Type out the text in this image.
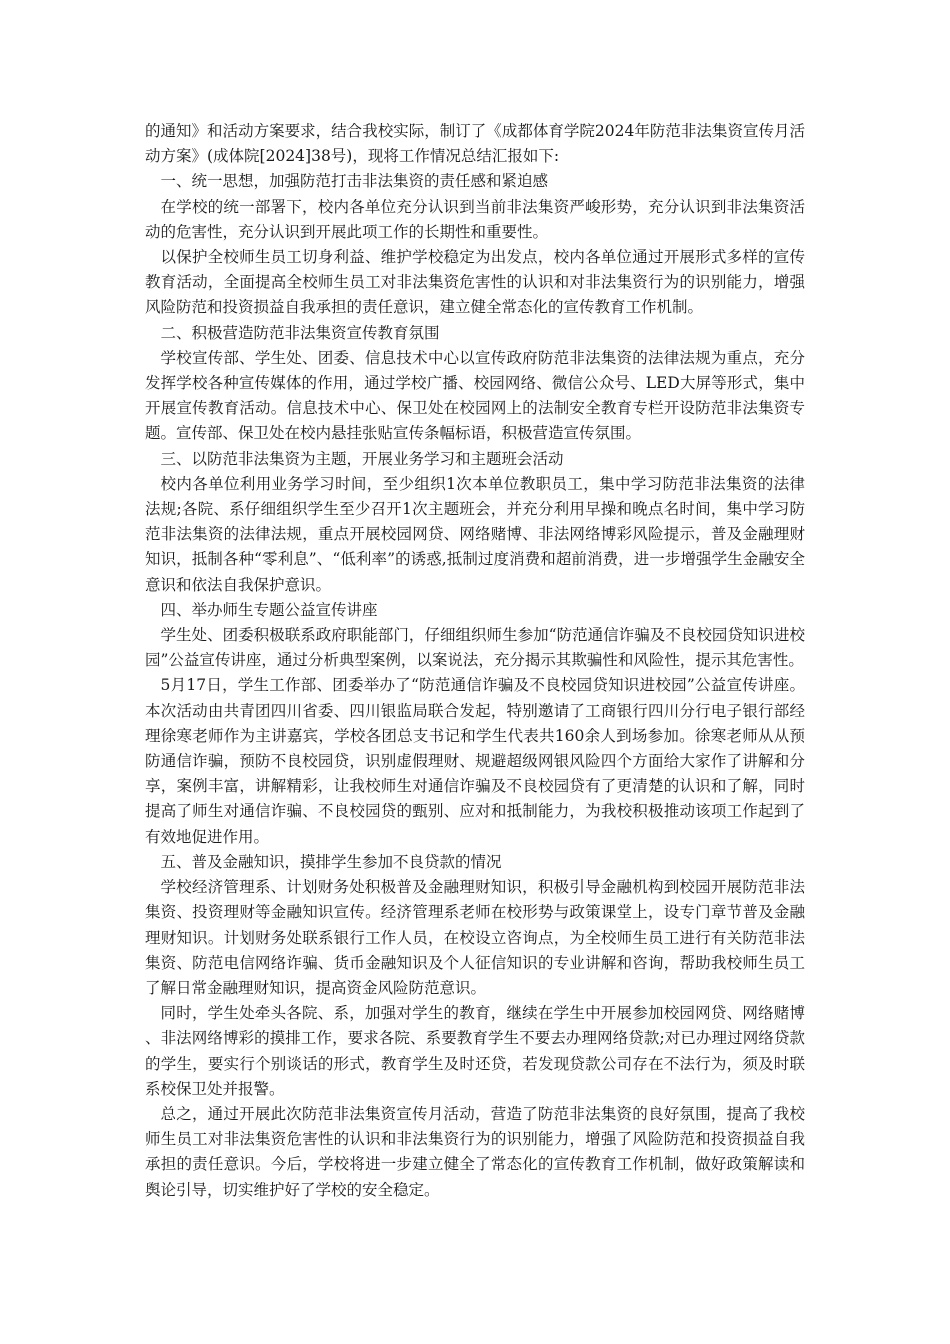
的通知》和活动方案要求，结合我校实际，制订了《成都体育学院2024年防范非法集资宣传月活动方案》(成体院[2024]38号)，现将工作情况总结汇报如下:

一、统一思想，加强防范打击非法集资的责任感和紧迫感

在学校的统一部署下，校内各单位充分认识到当前非法集资严峻形势，充分认识到非法集资活动的危害性，充分认识到开展此项工作的长期性和重要性。

以保护全校师生员工切身利益、维护学校稳定为出发点，校内各单位通过开展形式多样的宣传教育活动，全面提高全校师生员工对非法集资危害性的认识和对非法集资行为的识别能力，增强风险防范和投资损益自我承担的责任意识，建立健全常态化的宣传教育工作机制。

二、积极营造防范非法集资宣传教育氛围

学校宣传部、学生处、团委、信息技术中心以宣传政府防范非法集资的法律法规为重点，充分发挥学校各种宣传媒体的作用，通过学校广播、校园网络、微信公众号、LED大屏等形式，集中开展宣传教育活动。信息技术中心、保卫处在校园网上的法制安全教育专栏开设防范非法集资专题。宣传部、保卫处在校内悬挂张贴宣传条幅标语，积极营造宣传氛围。

三、以防范非法集资为主题，开展业务学习和主题班会活动

校内各单位利用业务学习时间，至少组织1次本单位教职员工，集中学习防范非法集资的法律法规;各院、系仔细组织学生至少召开1次主题班会，并充分利用早操和晚点名时间，集中学习防范非法集资的法律法规，重点开展校园网贷、网络赌博、非法网络博彩风险提示，普及金融理财知识，抵制各种“零利息”、“低利率”的诱惑,抵制过度消费和超前消费，进一步增强学生金融安全意识和依法自我保护意识。

四、举办师生专题公益宣传讲座

学生处、团委积极联系政府职能部门，仔细组织师生参加“防范通信诈骗及不良校园贷知识进校园”公益宣传讲座，通过分析典型案例，以案说法，充分揭示其欺骗性和风险性，提示其危害性。

5月17日，学生工作部、团委举办了“防范通信诈骗及不良校园贷知识进校园”公益宣传讲座。本次活动由共青团四川省委、四川银监局联合发起，特别邀请了工商银行四川分行电子银行部经理徐寒老师作为主讲嘉宾，学校各团总支书记和学生代表共160余人到场参加。徐寒老师从从预防通信诈骗，预防不良校园贷，识别虚假理财、规避超级网银风险四个方面给大家作了讲解和分享，案例丰富，讲解精彩，让我校师生对通信诈骗及不良校园贷有了更清楚的认识和了解，同时提高了师生对通信诈骗、不良校园贷的甄别、应对和抵制能力，为我校积极推动该项工作起到了有效地促进作用。

五、普及金融知识，摸排学生参加不良贷款的情况

学校经济管理系、计划财务处积极普及金融理财知识，积极引导金融机构到校园开展防范非法集资、投资理财等金融知识宣传。经济管理系老师在校形势与政策课堂上，设专门章节普及金融理财知识。计划财务处联系银行工作人员，在校设立咨询点，为全校师生员工进行有关防范非法集资、防范电信网络诈骗、货币金融知识及个人征信知识的专业讲解和咨询，帮助我校师生员工了解日常金融理财知识，提高资金风险防范意识。

同时，学生处牵头各院、系，加强对学生的教育，继续在学生中开展参加校园网贷、网络赌博、非法网络博彩的摸排工作，要求各院、系要教育学生不要去办理网络贷款;对已办理过网络贷款的学生，要实行个别谈话的形式，教育学生及时还贷，若发现贷款公司存在不法行为，须及时联系校保卫处并报警。

总之，通过开展此次防范非法集资宣传月活动，营造了防范非法集资的良好氛围，提高了我校师生员工对非法集资危害性的认识和非法集资行为的识别能力，增强了风险防范和投资损益自我承担的责任意识。今后，学校将进一步建立健全了常态化的宣传教育工作机制，做好政策解读和舆论引导，切实维护好了学校的安全稳定。
